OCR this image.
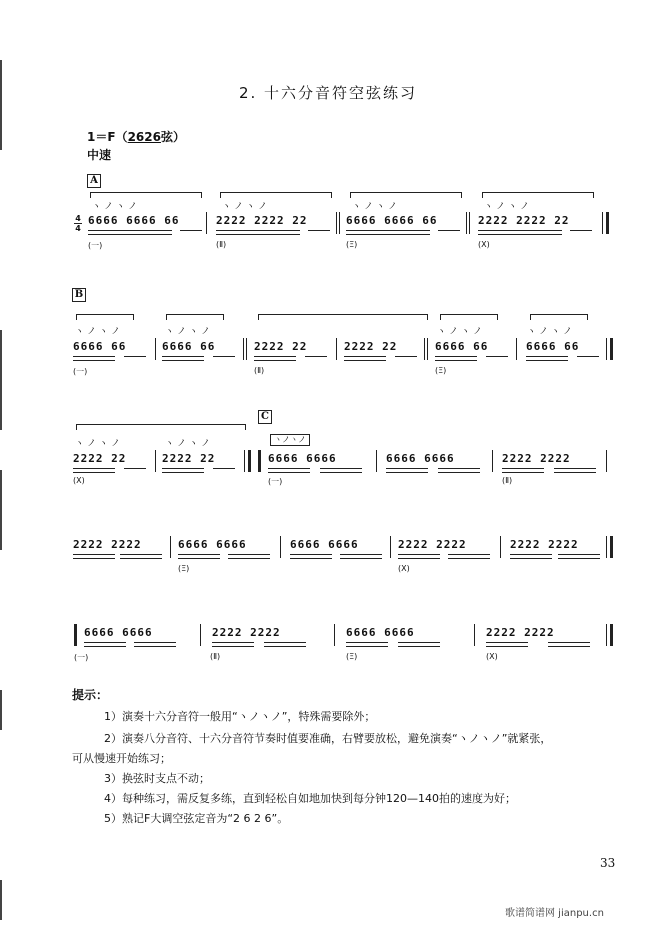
2. 十六分音符空弦练习
1＝F（2626弦）
中速
A
4
4
ヽノヽノ
6666 6666 66
(一)
ヽノヽノ
2222 2222 22
(Ⅱ)
ヽノヽノ
6666 6666 66
(Ξ)
ヽノヽノ
2222 2222 22
(X)
B
ヽノヽノ
6666 66
(一)
ヽノヽノ
6666 66	2222 22
(Ⅱ)
2222 22
ヽノヽノ
6666 66
(Ξ)
ヽノヽノ
6666 66
ヽノヽノ
2222 22
(X)
ヽノヽノ
2222 22
C
ヽノヽノ
6666 6666
(一)
6666 6666	2222 2222
(Ⅱ)
2222 2222	6666 6666
(Ξ)
6666 6666	2222 2222
(X)
2222 2222
6666 6666
(一)
2222 2222
(Ⅱ)
6666 6666
(Ξ)
2222 2222
(X)
提示：
1）演奏十六分音符一般用“ヽノヽノ”，特殊需要除外；
2）演奏八分音符、十六分音符节奏时值要准确，右臂要放松，避免演奏“ヽノヽノ”就紧张，
可从慢速开始练习；
3）换弦时支点不动；
4）每种练习，需反复多练，直到轻松自如地加快到每分钟120—140拍的速度为好；
5）熟记F大调空弦定音为“2 6 2 6”。
33
歌谱简谱网 jianpu.cn
